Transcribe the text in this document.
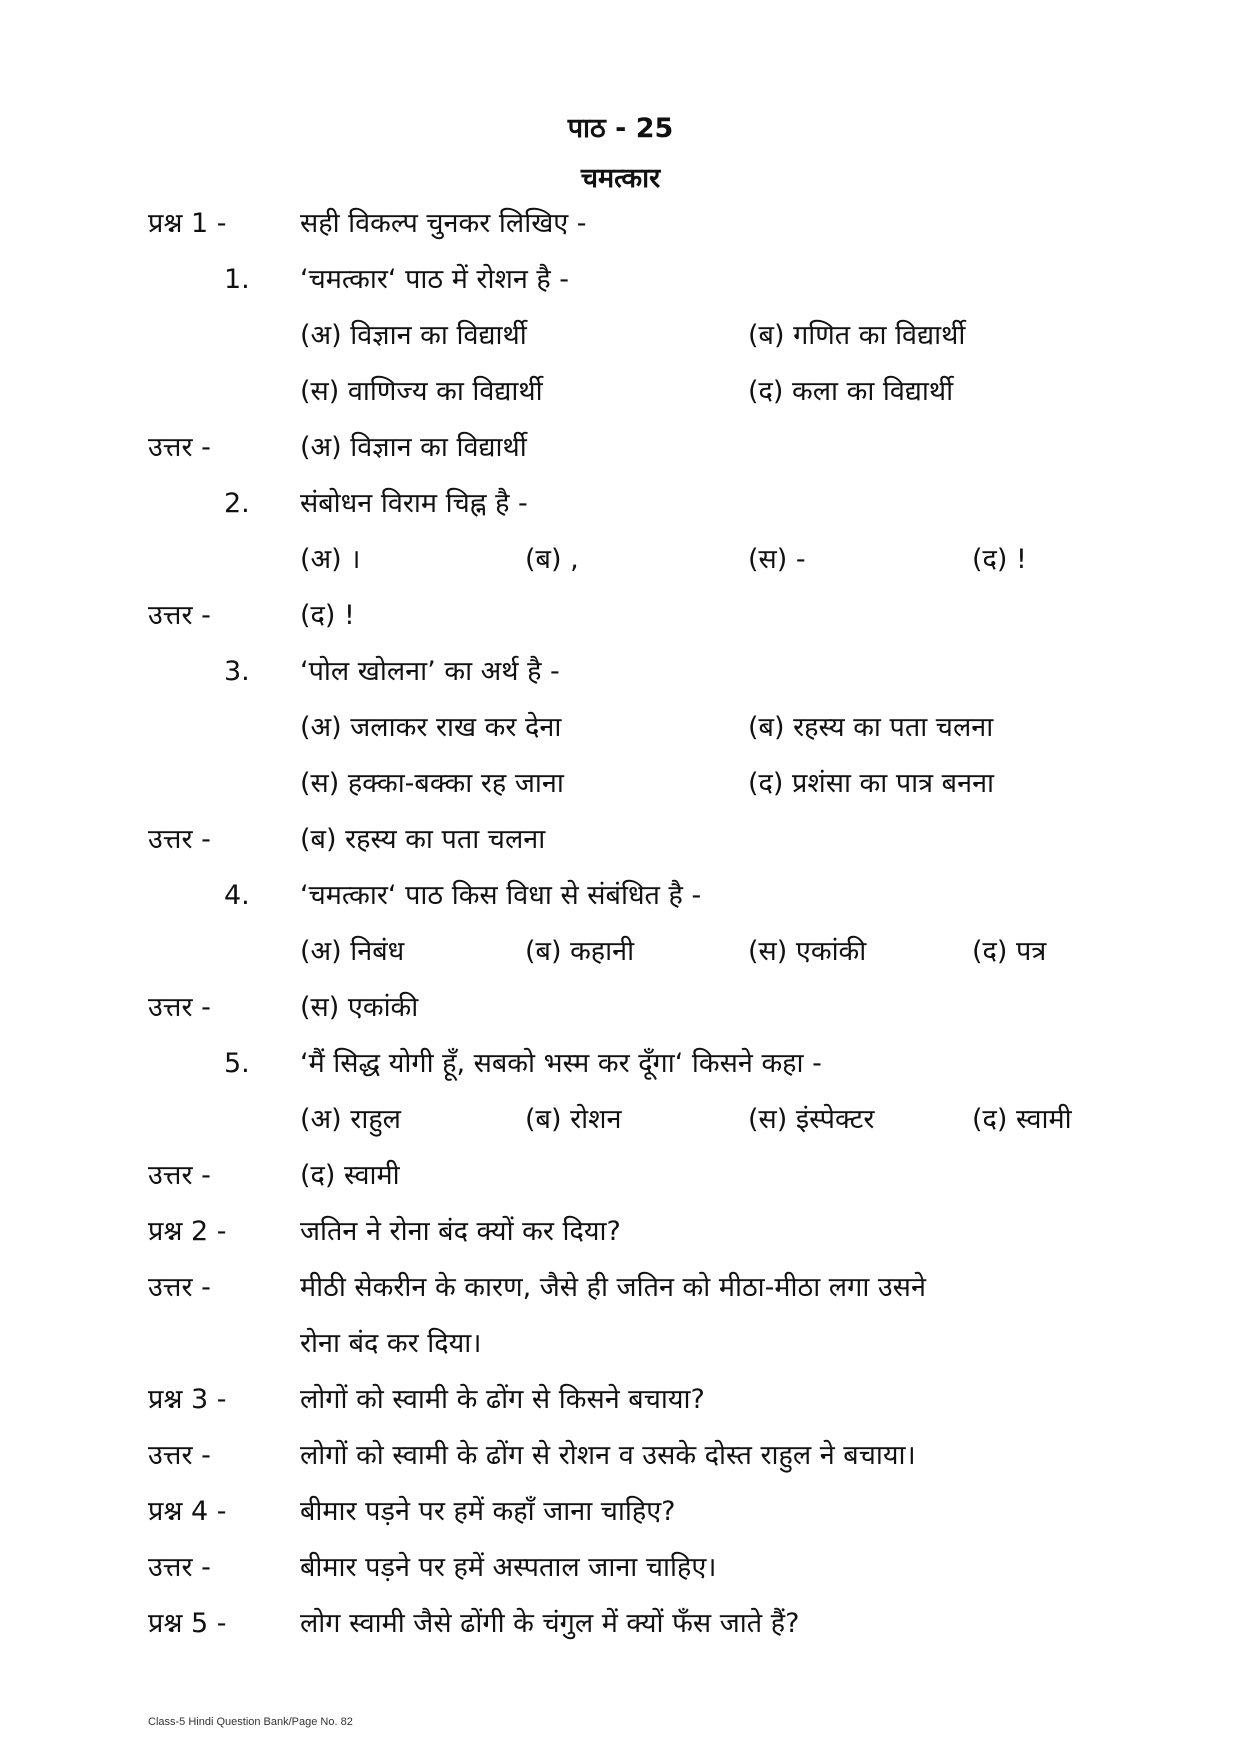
पाठ - 25
चमत्कार
प्रश्न 1 -	सही विकल्प चुनकर लिखिए -
1. ‘चमत्कार‘ पाठ में रोशन है -
(अ) विज्ञान का विद्यार्थी	(ब) गणित का विद्यार्थी
(स) वाणिज्य का विद्यार्थी	(द) कला का विद्यार्थी
उत्तर -	(अ) विज्ञान का विद्यार्थी
2. संबोधन विराम चिह्न है -
(अ) ।	(ब) ,	(स) -	(द) !
उत्तर -	(द) !
3. ‘पोल खोलना’ का अर्थ है -
(अ) जलाकर राख कर देना	(ब) रहस्य का पता चलना
(स) हक्का-बक्का रह जाना	(द) प्रशंसा का पात्र बनना
उत्तर -	(ब) रहस्य का पता चलना
4. ‘चमत्कार‘ पाठ किस विधा से संबंधित है -
(अ) निबंध	(ब) कहानी	(स) एकांकी	(द) पत्र
उत्तर -	(स) एकांकी
5. ‘मैं सिद्ध योगी हूँ, सबको भस्म कर दूँगा‘ किसने कहा -
(अ) राहुल	(ब) रोशन	(स) इंस्पेक्टर	(द) स्वामी
उत्तर -	(द) स्वामी
प्रश्न 2 -	जतिन ने रोना बंद क्यों कर दिया?
उत्तर -	मीठी सेकरीन के कारण, जैसे ही जतिन को मीठा-मीठा लगा उसने
रोना बंद कर दिया।
प्रश्न 3 -	लोगों को स्वामी के ढोंग से किसने बचाया?
उत्तर -	लोगों को स्वामी के ढोंग से रोशन व उसके दोस्त राहुल ने बचाया।
प्रश्न 4 -	बीमार पड़ने पर हमें कहाँ जाना चाहिए?
उत्तर -	बीमार पड़ने पर हमें अस्पताल जाना चाहिए।
प्रश्न 5 -	लोग स्वामी जैसे ढोंगी के चंगुल में क्यों फँस जाते हैं?
Class-5 Hindi Question Bank/Page No. 82
